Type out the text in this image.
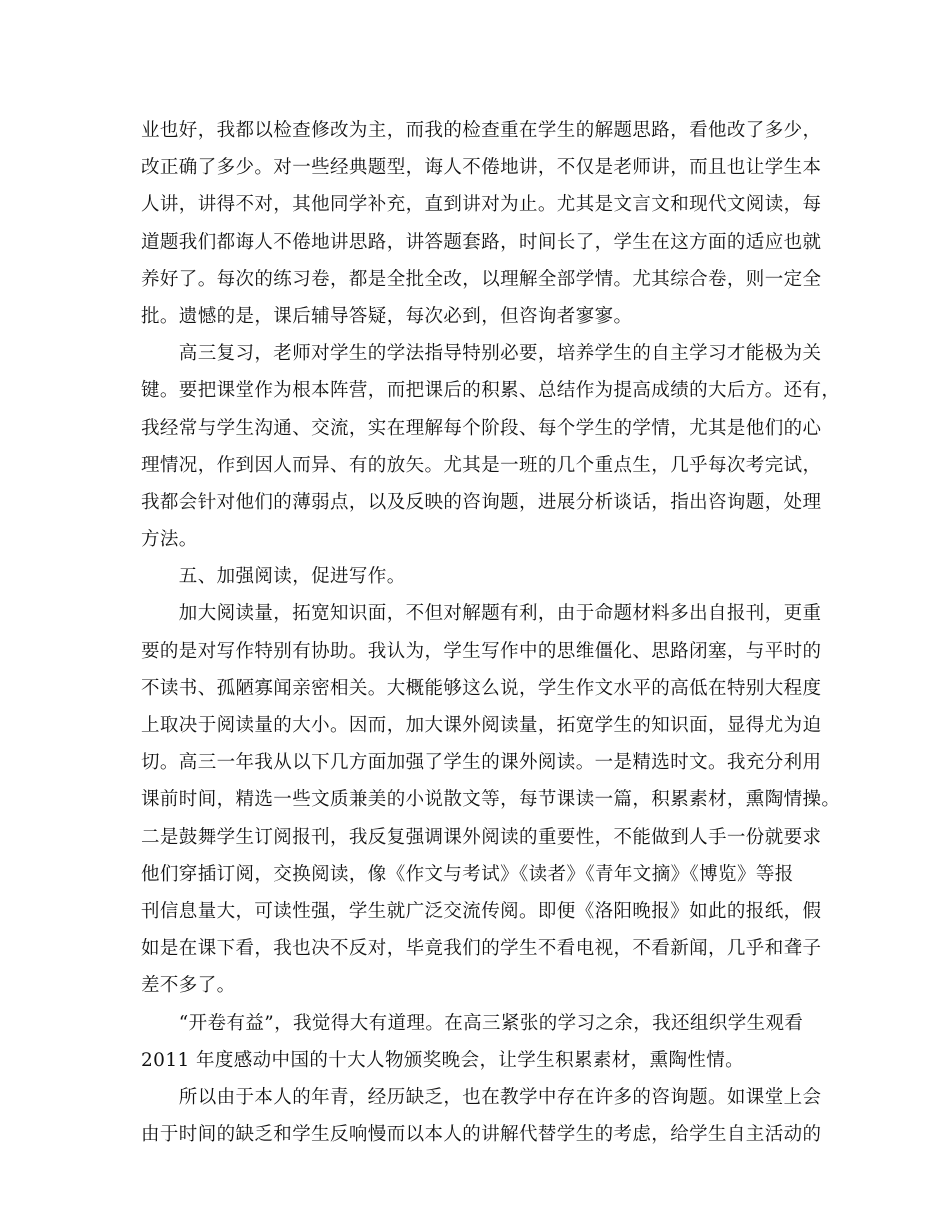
业也好，我都以检查修改为主，而我的检查重在学生的解题思路，看他改了多少，
改正确了多少。对一些经典题型，诲人不倦地讲，不仅是老师讲，而且也让学生本
人讲，讲得不对，其他同学补充，直到讲对为止。尤其是文言文和现代文阅读，每
道题我们都诲人不倦地讲思路，讲答题套路，时间长了，学生在这方面的适应也就
养好了。每次的练习卷，都是全批全改，以理解全部学情。尤其综合卷，则一定全
批。遗憾的是，课后辅导答疑，每次必到，但咨询者寥寥。
　　高三复习，老师对学生的学法指导特别必要，培养学生的自主学习才能极为关
键。要把课堂作为根本阵营，而把课后的积累、总结作为提高成绩的大后方。还有，
我经常与学生沟通、交流，实在理解每个阶段、每个学生的学情，尤其是他们的心
理情况，作到因人而异、有的放矢。尤其是一班的几个重点生，几乎每次考完试，
我都会针对他们的薄弱点，以及反映的咨询题，进展分析谈话，指出咨询题，处理
方法。
　　五、加强阅读，促进写作。
　　加大阅读量，拓宽知识面，不但对解题有利，由于命题材料多出自报刊，更重
要的是对写作特别有协助。我认为，学生写作中的思维僵化、思路闭塞，与平时的
不读书、孤陋寡闻亲密相关。大概能够这么说，学生作文水平的高低在特别大程度
上取决于阅读量的大小。因而，加大课外阅读量，拓宽学生的知识面，显得尤为迫
切。高三一年我从以下几方面加强了学生的课外阅读。一是精选时文。我充分利用
课前时间，精选一些文质兼美的小说散文等，每节课读一篇，积累素材，熏陶情操。
二是鼓舞学生订阅报刊，我反复强调课外阅读的重要性，不能做到人手一份就要求
他们穿插订阅，交换阅读，像《作文与考试》《读者》《青年文摘》《博览》等报
刊信息量大，可读性强，学生就广泛交流传阅。即便《洛阳晚报》如此的报纸，假
如是在课下看，我也决不反对，毕竟我们的学生不看电视，不看新闻，几乎和聋子
差不多了。
　　“开卷有益”，我觉得大有道理。在高三紧张的学习之余，我还组织学生观看
2011 年度感动中国的十大人物颁奖晚会，让学生积累素材，熏陶性情。
　　所以由于本人的年青，经历缺乏，也在教学中存在许多的咨询题。如课堂上会
由于时间的缺乏和学生反响慢而以本人的讲解代替学生的考虑，给学生自主活动的
